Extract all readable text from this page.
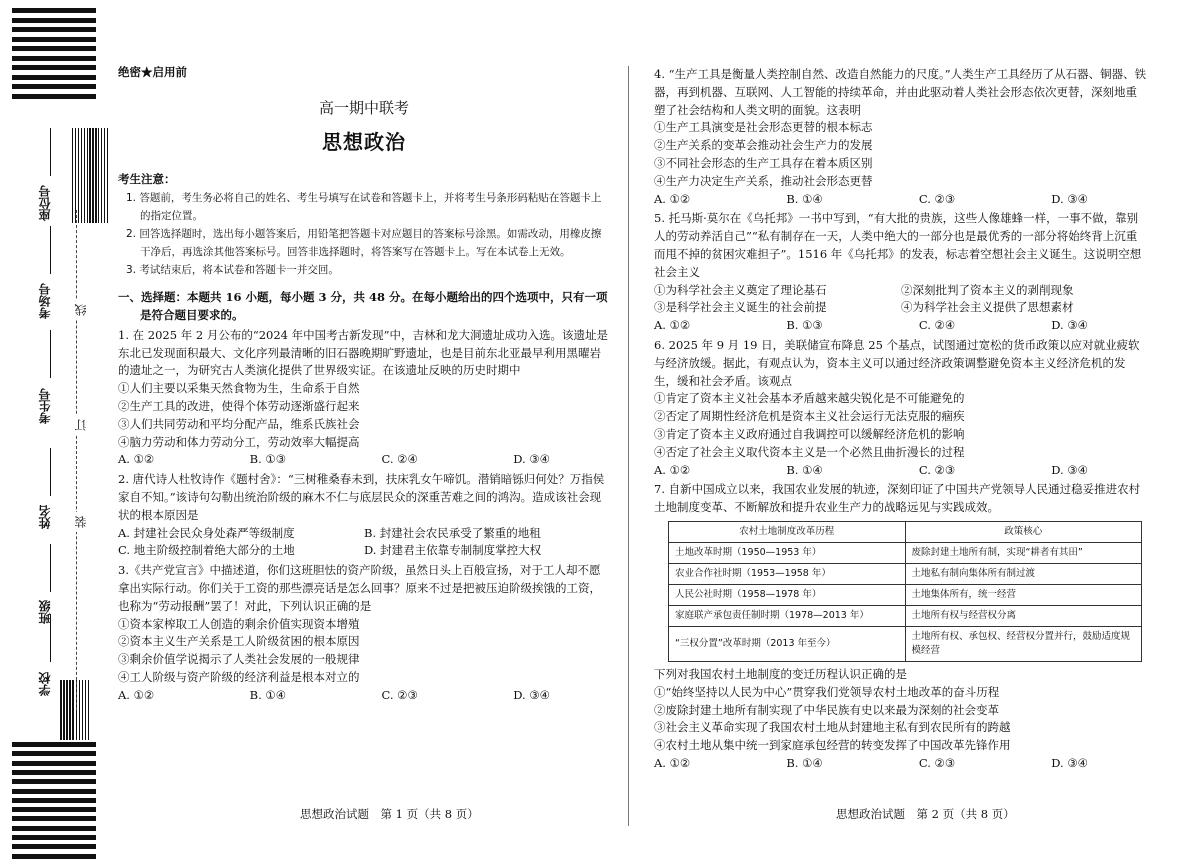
线
订
装
学校
班级
姓名
考生号
考场号
座位号
绝密★启用前
高一期中联考
思想政治
考生注意：
1. 答题前，考生务必将自己的姓名、考生号填写在试卷和答题卡上，并将考生号条形码粘贴在答题卡上的指定位置。
2. 回答选择题时，选出每小题答案后，用铅笔把答题卡对应题目的答案标号涂黑。如需改动，用橡皮擦干净后，再选涂其他答案标号。回答非选择题时，将答案写在答题卡上。写在本试卷上无效。
3. 考试结束后，将本试卷和答题卡一并交回。
一、选择题：本题共 16 小题，每小题 3 分，共 48 分。在每小题给出的四个选项中，只有一项是符合题目要求的。
1. 在 2025 年 2 月公布的“2024 年中国考古新发现”中，吉林和龙大洞遗址成功入选。该遗址是东北已发现面积最大、文化序列最清晰的旧石器晚期旷野遗址，也是目前东北亚最早利用黑曜岩的遗址之一，为研究古人类演化提供了世界级实证。在该遗址反映的历史时期中
①人们主要以采集天然食物为生，生命系于自然
②生产工具的改进，使得个体劳动逐渐盛行起来
③人们共同劳动和平均分配产品，维系氏族社会
④脑力劳动和体力劳动分工，劳动效率大幅提高
A. ①②	B. ①③	C. ②④	D. ③④
2. 唐代诗人杜牧诗作《题村舍》：“三树稚桑春未到，扶床乳女午啼饥。潜销暗铄归何处？万指侯家自不知。”该诗句勾勒出统治阶级的麻木不仁与底层民众的深重苦难之间的鸿沟。造成该社会现状的根本原因是
A. 封建社会民众身处森严等级制度	B. 封建社会农民承受了繁重的地租
C. 地主阶级控制着绝大部分的土地	D. 封建君主依靠专制制度掌控大权
3.《共产党宣言》中描述道，你们这班胆怯的资产阶级，虽然日头上百般宣扬，对于工人却不愿拿出实际行动。你们关于工资的那些漂亮话是怎么回事？原来不过是把被压迫阶级挨饿的工资，也称为“劳动报酬”罢了！对此，下列认识正确的是
①资本家榨取工人创造的剩余价值实现资本增殖
②资本主义生产关系是工人阶级贫困的根本原因
③剩余价值学说揭示了人类社会发展的一般规律
④工人阶级与资产阶级的经济利益是根本对立的
A. ①②	B. ①④	C. ②③	D. ③④
思想政治试题　第 1 页（共 8 页）
4. “生产工具是衡量人类控制自然、改造自然能力的尺度。”人类生产工具经历了从石器、铜器、铁器，再到机器、互联网、人工智能的持续革命，并由此驱动着人类社会形态依次更替，深刻地重塑了社会结构和人类文明的面貌。这表明
①生产工具演变是社会形态更替的根本标志
②生产关系的变革会推动社会生产力的发展
③不同社会形态的生产工具存在着本质区别
④生产力决定生产关系，推动社会形态更替
A. ①②	B. ①④	C. ②③	D. ③④
5. 托马斯·莫尔在《乌托邦》一书中写到，“有大批的贵族，这些人像雄蜂一样，一事不做，靠别人的劳动养活自己”“私有制存在一天，人类中绝大的一部分也是最优秀的一部分将始终背上沉重而甩不掉的贫困灾难担子”。1516 年《乌托邦》的发表，标志着空想社会主义诞生。这说明空想社会主义
①为科学社会主义奠定了理论基石	②深刻批判了资本主义的剥削现象
③是科学社会主义诞生的社会前提	④为科学社会主义提供了思想素材
A. ①②	B. ①③	C. ②④	D. ③④
6. 2025 年 9 月 19 日，美联储宣布降息 25 个基点，试图通过宽松的货币政策以应对就业疲软与经济放缓。据此，有观点认为，资本主义可以通过经济政策调整避免资本主义经济危机的发生，缓和社会矛盾。该观点
①肯定了资本主义社会基本矛盾越来越尖锐化是不可能避免的
②否定了周期性经济危机是资本主义社会运行无法克服的痼疾
③肯定了资本主义政府通过自我调控可以缓解经济危机的影响
④否定了社会主义取代资本主义是一个必然且曲折漫长的过程
A. ①②	B. ①④	C. ②③	D. ③④
7. 自新中国成立以来，我国农业发展的轨迹，深刻印证了中国共产党领导人民通过稳妥推进农村土地制度变革、不断解放和提升农业生产力的战略远见与实践成效。
农村土地制度改革历程	政策核心
土地改革时期（1950—1953 年）	废除封建土地所有制，实现“耕者有其田”
农业合作社时期（1953—1958 年）	土地私有制向集体所有制过渡
人民公社时期（1958—1978 年）	土地集体所有，统一经营
家庭联产承包责任制时期（1978—2013 年）	土地所有权与经营权分离
“三权分置”改革时期（2013 年至今）	土地所有权、承包权、经营权分置并行，鼓励适度规模经营
下列对我国农村土地制度的变迁历程认识正确的是
①“始终坚持以人民为中心”贯穿我们党领导农村土地改革的奋斗历程
②废除封建土地所有制实现了中华民族有史以来最为深刻的社会变革
③社会主义革命实现了我国农村土地从封建地主私有到农民所有的跨越
④农村土地从集中统一到家庭承包经营的转变发挥了中国改革先锋作用
A. ①②	B. ①④	C. ②③	D. ③④
思想政治试题　第 2 页（共 8 页）
